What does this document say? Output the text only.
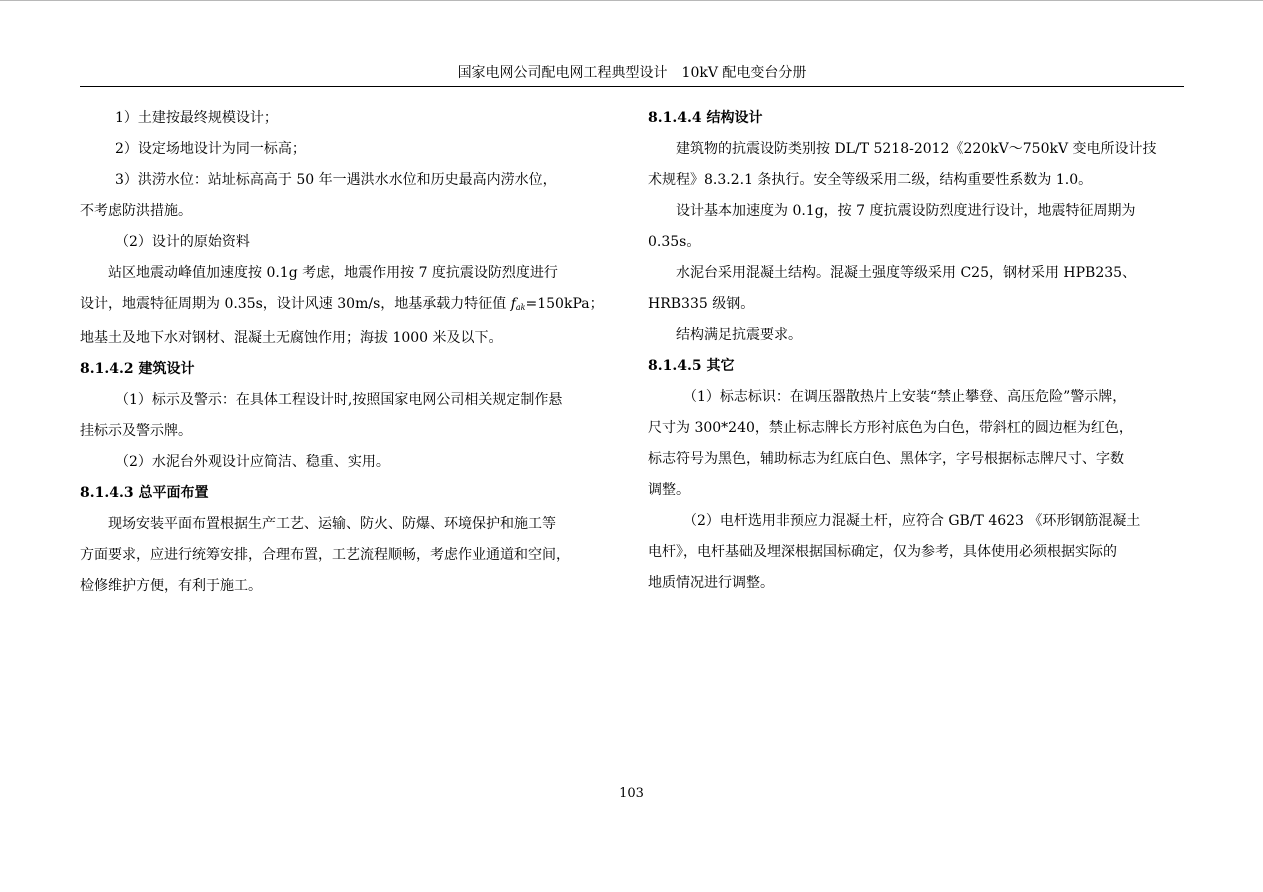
国家电网公司配电网工程典型设计　10kV 配电变台分册

1）土建按最终规模设计；

2）设定场地设计为同一标高；

3）洪涝水位：站址标高高于 50 年一遇洪水水位和历史最高内涝水位，

不考虑防洪措施。

（2）设计的原始资料

站区地震动峰值加速度按 0.1g 考虑，地震作用按 7 度抗震设防烈度进行

设计，地震特征周期为 0.35s，设计风速 30m/s，地基承载力特征值 $f_{ak}=150kPa$；

地基土及地下水对钢材、混凝土无腐蚀作用；海拔 1000 米及以下。

8.1.4.2 建筑设计

（1）标示及警示：在具体工程设计时,按照国家电网公司相关规定制作悬

挂标示及警示牌。

（2）水泥台外观设计应简洁、稳重、实用。

8.1.4.3 总平面布置

现场安装平面布置根据生产工艺、运输、防火、防爆、环境保护和施工等

方面要求，应进行统筹安排，合理布置，工艺流程顺畅，考虑作业通道和空间，

检修维护方便，有利于施工。

8.1.4.4 结构设计

建筑物的抗震设防类别按 DL/T 5218-2012《220kV～750kV 变电所设计技

术规程》8.3.2.1 条执行。安全等级采用二级，结构重要性系数为 1.0。

设计基本加速度为 0.1g，按 7 度抗震设防烈度进行设计，地震特征周期为

0.35s。

水泥台采用混凝土结构。混凝土强度等级采用 C25，钢材采用 HPB235、

HRB335 级钢。

结构满足抗震要求。

8.1.4.5 其它

（1）标志标识：在调压器散热片上安装“禁止攀登、高压危险”警示牌，

尺寸为 300*240，禁止标志牌长方形衬底色为白色，带斜杠的圆边框为红色，

标志符号为黑色，辅助标志为红底白色、黑体字，字号根据标志牌尺寸、字数

调整。

（2）电杆选用非预应力混凝土杆，应符合 GB/T 4623 《环形钢筋混凝土

电杆》，电杆基础及埋深根据国标确定，仅为参考，具体使用必须根据实际的

地质情况进行调整。

103
